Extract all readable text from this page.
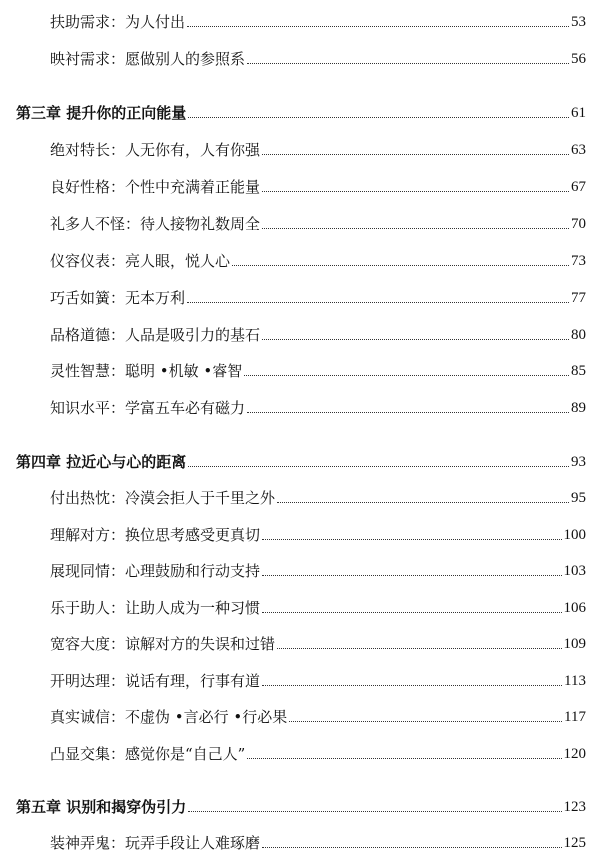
扶助需求：为人付出	53
映衬需求：愿做别人的参照系	56
第三章 提升你的正向能量	61
绝对特长：人无你有，人有你强	63
良好性格：个性中充满着正能量	67
礼多人不怪：待人接物礼数周全	70
仪容仪表：亮人眼，悦人心	73
巧舌如簧：无本万利	77
品格道德：人品是吸引力的基石	80
灵性智慧：聪明 •机敏 •睿智	85
知识水平：学富五车必有磁力	89
第四章 拉近心与心的距离	93
付出热忱：冷漠会拒人于千里之外	95
理解对方：换位思考感受更真切	100
展现同情：心理鼓励和行动支持	103
乐于助人：让助人成为一种习惯	106
宽容大度：谅解对方的失误和过错	109
开明达理：说话有理，行事有道	113
真实诚信：不虚伪 •言必行 •行必果	117
凸显交集：感觉你是“自己人”	120
第五章 识别和揭穿伪引力	123
装神弄鬼：玩弄手段让人难琢磨	125
